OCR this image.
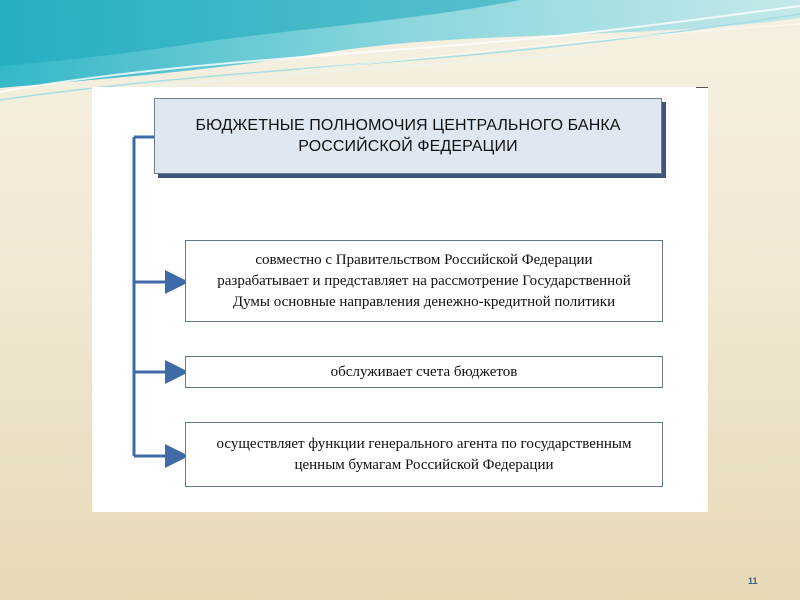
БЮДЖЕТНЫЕ ПОЛНОМОЧИЯ ЦЕНТРАЛЬНОГО БАНКА РОССИЙСКОЙ ФЕДЕРАЦИИ
совместно с Правительством Российской Федерации
разрабатывает и представляет на рассмотрение Государственной
Думы основные направления денежно-кредитной политики
обслуживает счета бюджетов
осуществляет функции генерального агента по государственным
ценным бумагам Российской Федерации
11
